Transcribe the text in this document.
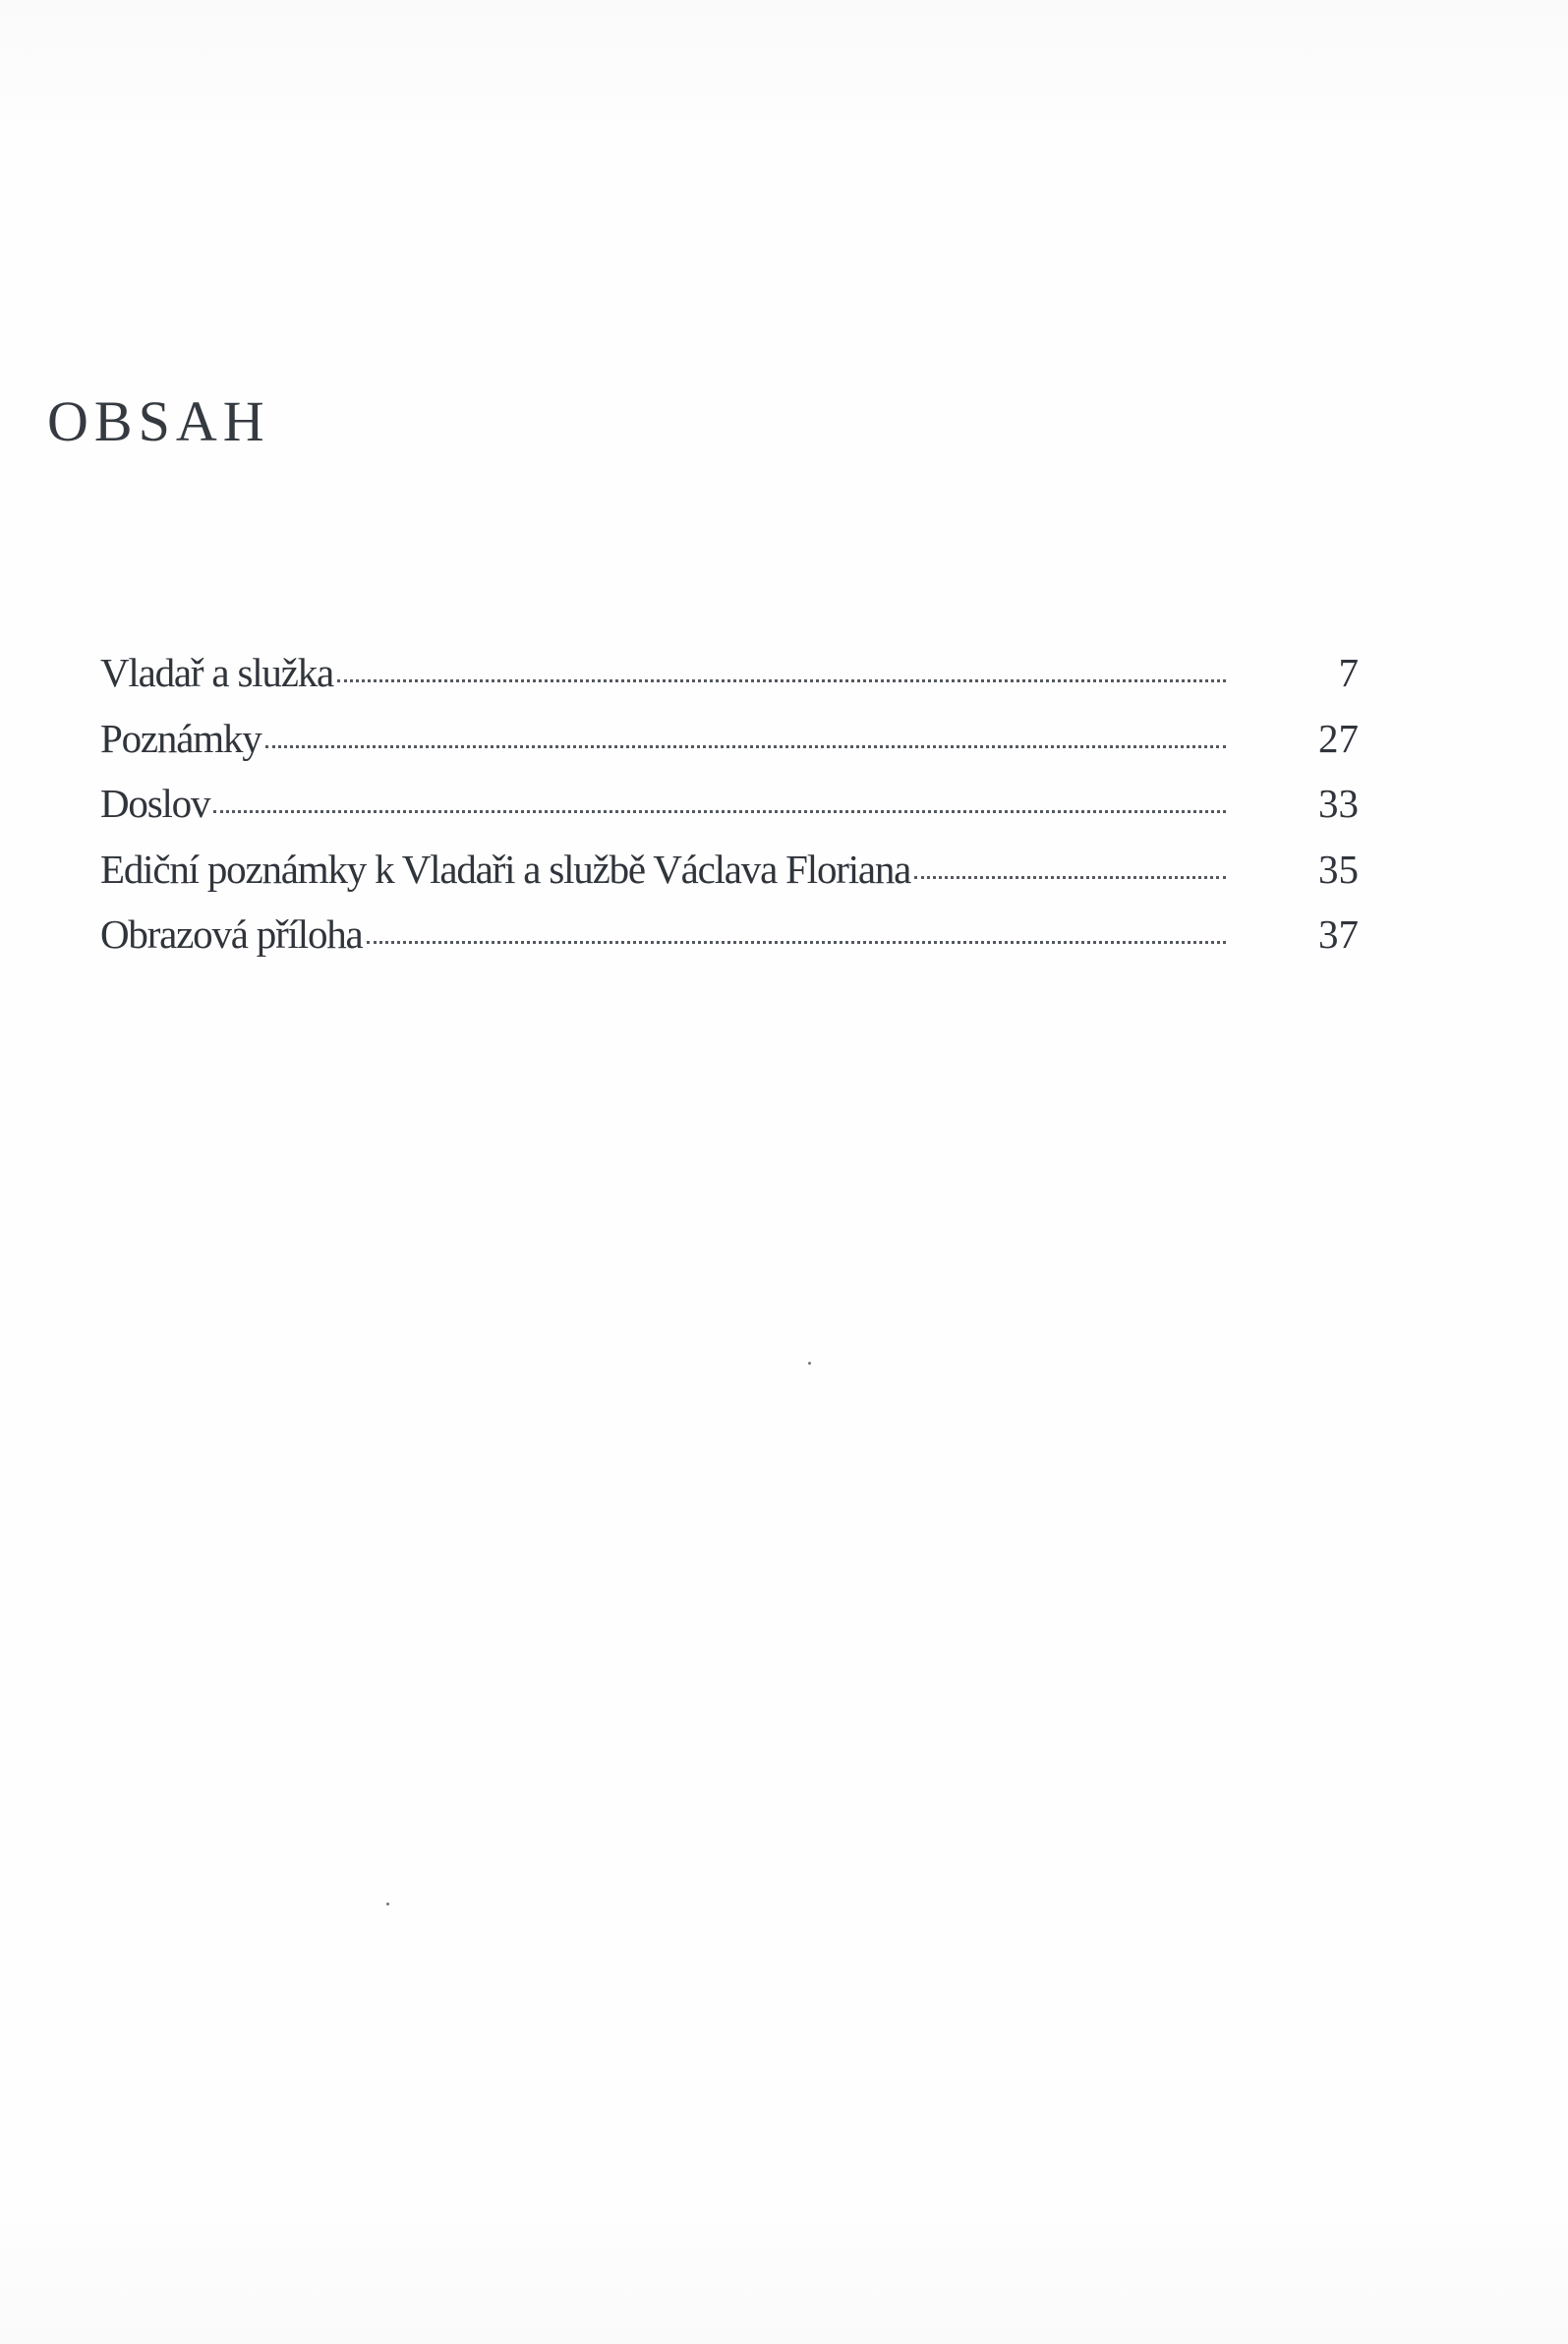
OBSAH
Vladař a služka	7
Poznámky	27
Doslov	33
Ediční poznámky k Vladaři a službě Václava Floriana	35
Obrazová příloha	37
